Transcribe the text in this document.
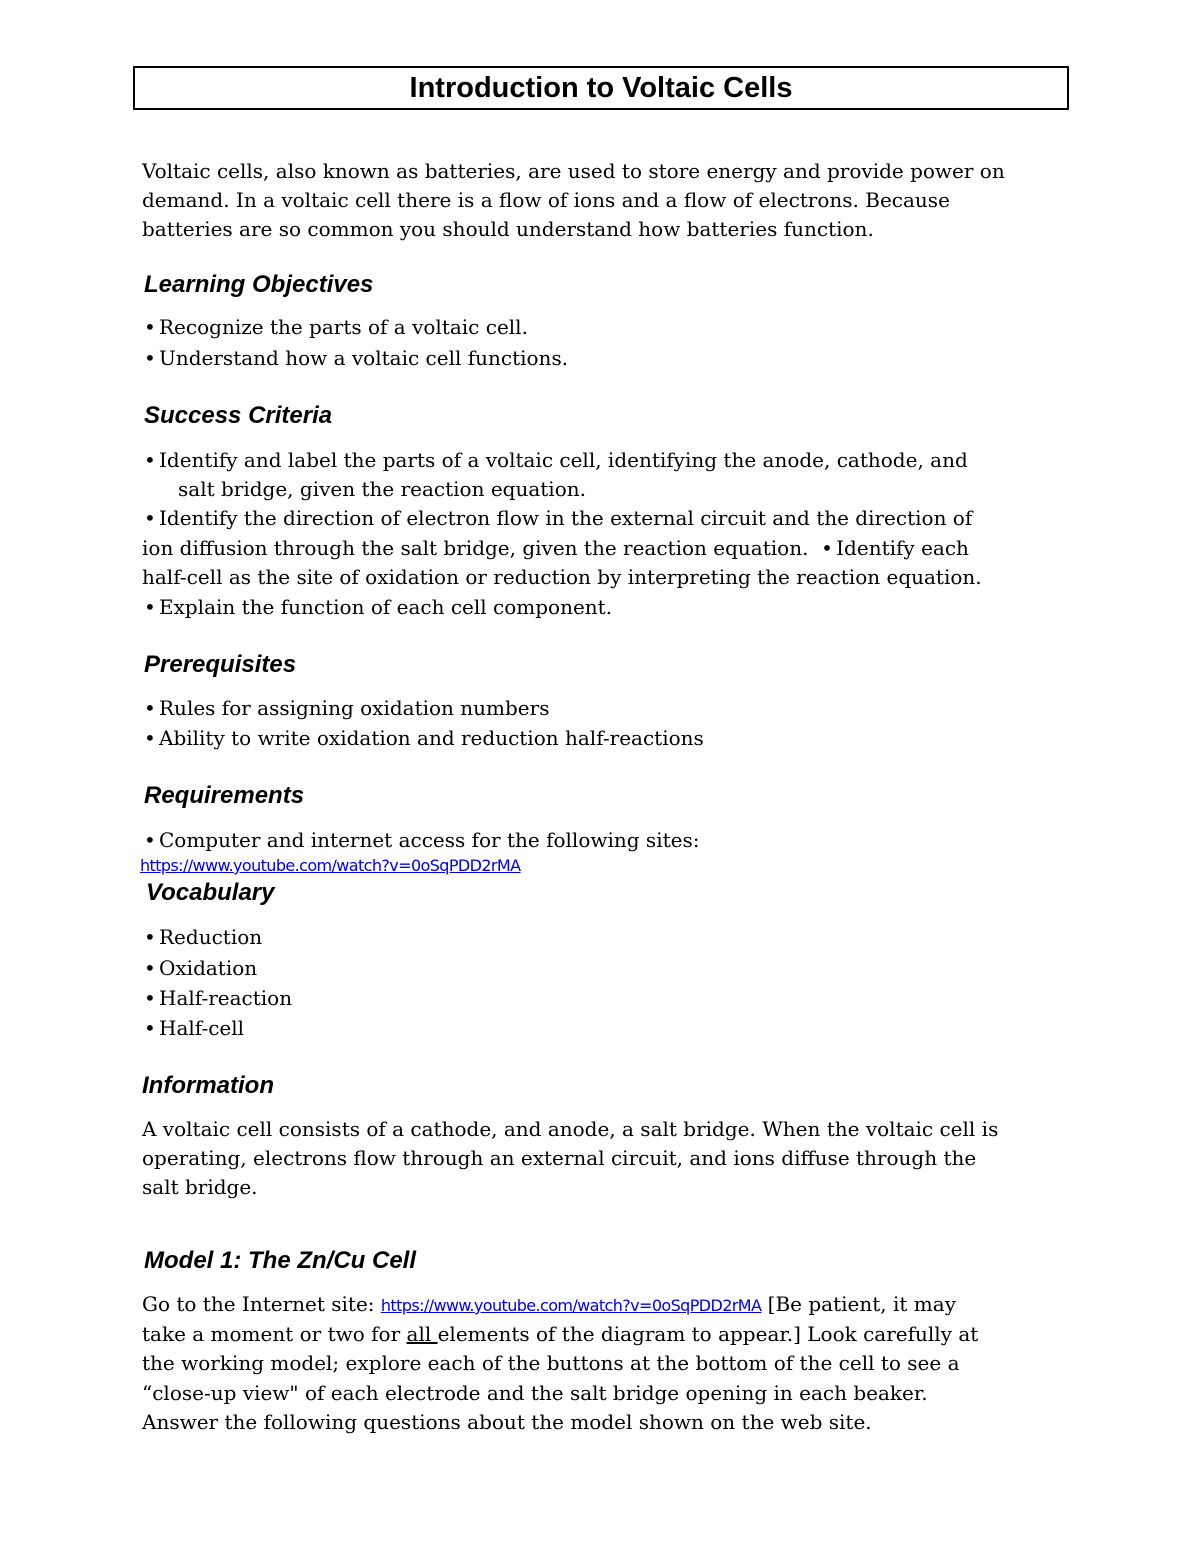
Introduction to Voltaic Cells

Voltaic cells, also known as batteries, are used to store energy and provide power on

demand. In a voltaic cell there is a flow of ions and a flow of electrons. Because

batteries are so common you should understand how batteries function.

Learning Objectives

• Recognize the parts of a voltaic cell.

• Understand how a voltaic cell functions.

Success Criteria

• Identify and label the parts of a voltaic cell, identifying the anode, cathode, and

salt bridge, given the reaction equation.

• Identify the direction of electron flow in the external circuit and the direction of

ion diffusion through the salt bridge, given the reaction equation. • Identify each

half-cell as the site of oxidation or reduction by interpreting the reaction equation.

• Explain the function of each cell component.

Prerequisites

• Rules for assigning oxidation numbers

• Ability to write oxidation and reduction half-reactions

Requirements

• Computer and internet access for the following sites:

https://www.youtube.com/watch?v=0oSqPDD2rMA

Vocabulary

• Reduction

• Oxidation

• Half-reaction

• Half-cell

Information

A voltaic cell consists of a cathode, and anode, a salt bridge. When the voltaic cell is

operating, electrons flow through an external circuit, and ions diffuse through the

salt bridge.

Model 1: The Zn/Cu Cell

Go to the Internet site: https://www.youtube.com/watch?v=0oSqPDD2rMA [Be patient, it may

take a moment or two for all elements of the diagram to appear.] Look carefully at

the working model; explore each of the buttons at the bottom of the cell to see a

“close-up view" of each electrode and the salt bridge opening in each beaker.

Answer the following questions about the model shown on the web site.
